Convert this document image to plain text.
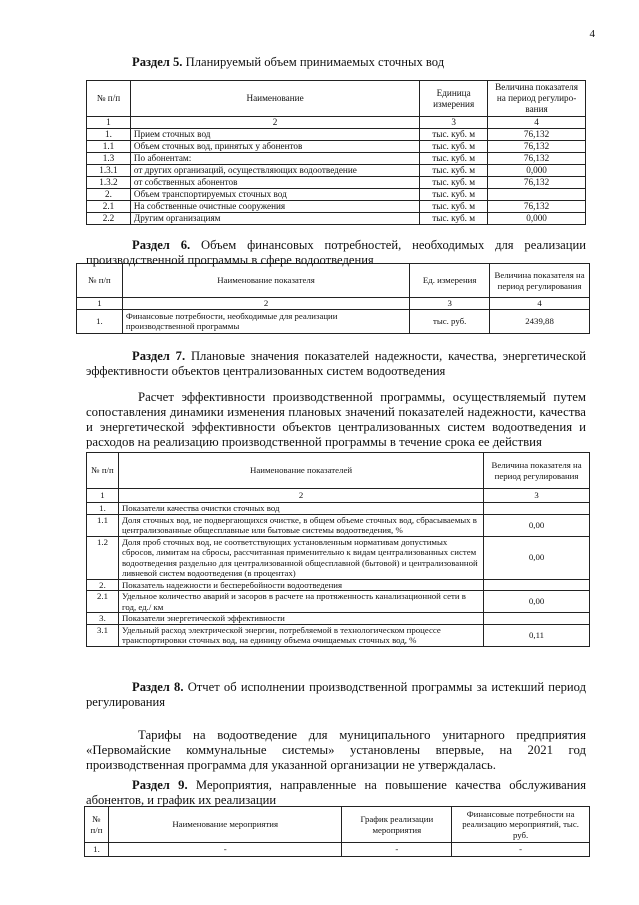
4
Раздел 5. Планируемый объем принимаемых сточных вод
№ п/п	Наименование	Единица измерения	Величина показателя на период регулиро-вания
1	2	3	4
1.	Прием сточных вод	тыс. куб. м	76,132
1.1	Объем сточных вод, принятых у абонентов	тыс. куб. м	76,132
1.3	По абонентам:	тыс. куб. м	76,132
1.3.1	от других организаций, осуществляющих водоотведение	тыс. куб. м	0,000
1.3.2	от собственных абонентов	тыс. куб. м	76,132
2.	Объем транспортируемых сточных вод	тыс. куб. м	
2.1	На собственные очистные сооружения	тыс. куб. м	76,132
2.2	Другим организациям	тыс. куб. м	0,000
Раздел 6. Объем финансовых потребностей, необходимых для реализации производственной программы в сфере водоотведения
№ п/п	Наименование показателя	Ед. измерения	Величина показателя на период регулирования
1	2	3	4
1.	Финансовые потребности, необходимые для реализации производственной программы	тыс. руб.	2439,88
Раздел 7. Плановые значения показателей надежности, качества, энергетической эффективности объектов централизованных систем водоотведения
Расчет эффективности производственной программы, осуществляемый путем сопоставления динамики изменения плановых значений показателей надежности, качества и энергетической эффективности объектов централизованных систем водоотведения и расходов на реализацию производственной программы в течение срока ее действия
№ п/п	Наименование показателей	Величина показателя на период регулирования
1	2	3
1.	Показатели качества очистки сточных вод	
1.1	Доля сточных вод, не подвергающихся очистке, в общем объеме сточных вод, сбрасываемых в централизованные общесплавные или бытовые системы водоотведения, %	0,00
1.2	Доля проб сточных вод, не соответствующих установленным нормативам допустимых сбросов, лимитам на сбросы, рассчитанная применительно к видам централизованных систем водоотведения раздельно для централизованной общесплавной (бытовой) и централизованной ливневой систем водоотведения (в процентах)	0,00
2.	Показатель надежности и бесперебойности водоотведения	
2.1	Удельное количество аварий и засоров в расчете на протяженность канализационной сети в год, ед./ км	0,00
3.	Показатели энергетической эффективности	
3.1	Удельный расход электрической энергии, потребляемой в технологическом процессе транспортировки сточных вод, на единицу объема очищаемых сточных вод, %	0,11
Раздел 8. Отчет об исполнении производственной программы за истекший период регулирования
Тарифы на водоотведение для муниципального унитарного предприятия «Первомайские коммунальные системы» установлены впервые, на 2021 год производственная программа для указанной организации не утверждалась.
Раздел 9. Мероприятия, направленные на повышение качества обслуживания абонентов, и график их реализации
№ п/п	Наименование мероприятия	График реализации мероприятия	Финансовые потребности на реализацию мероприятий, тыс. руб.
1.	-	-	-
